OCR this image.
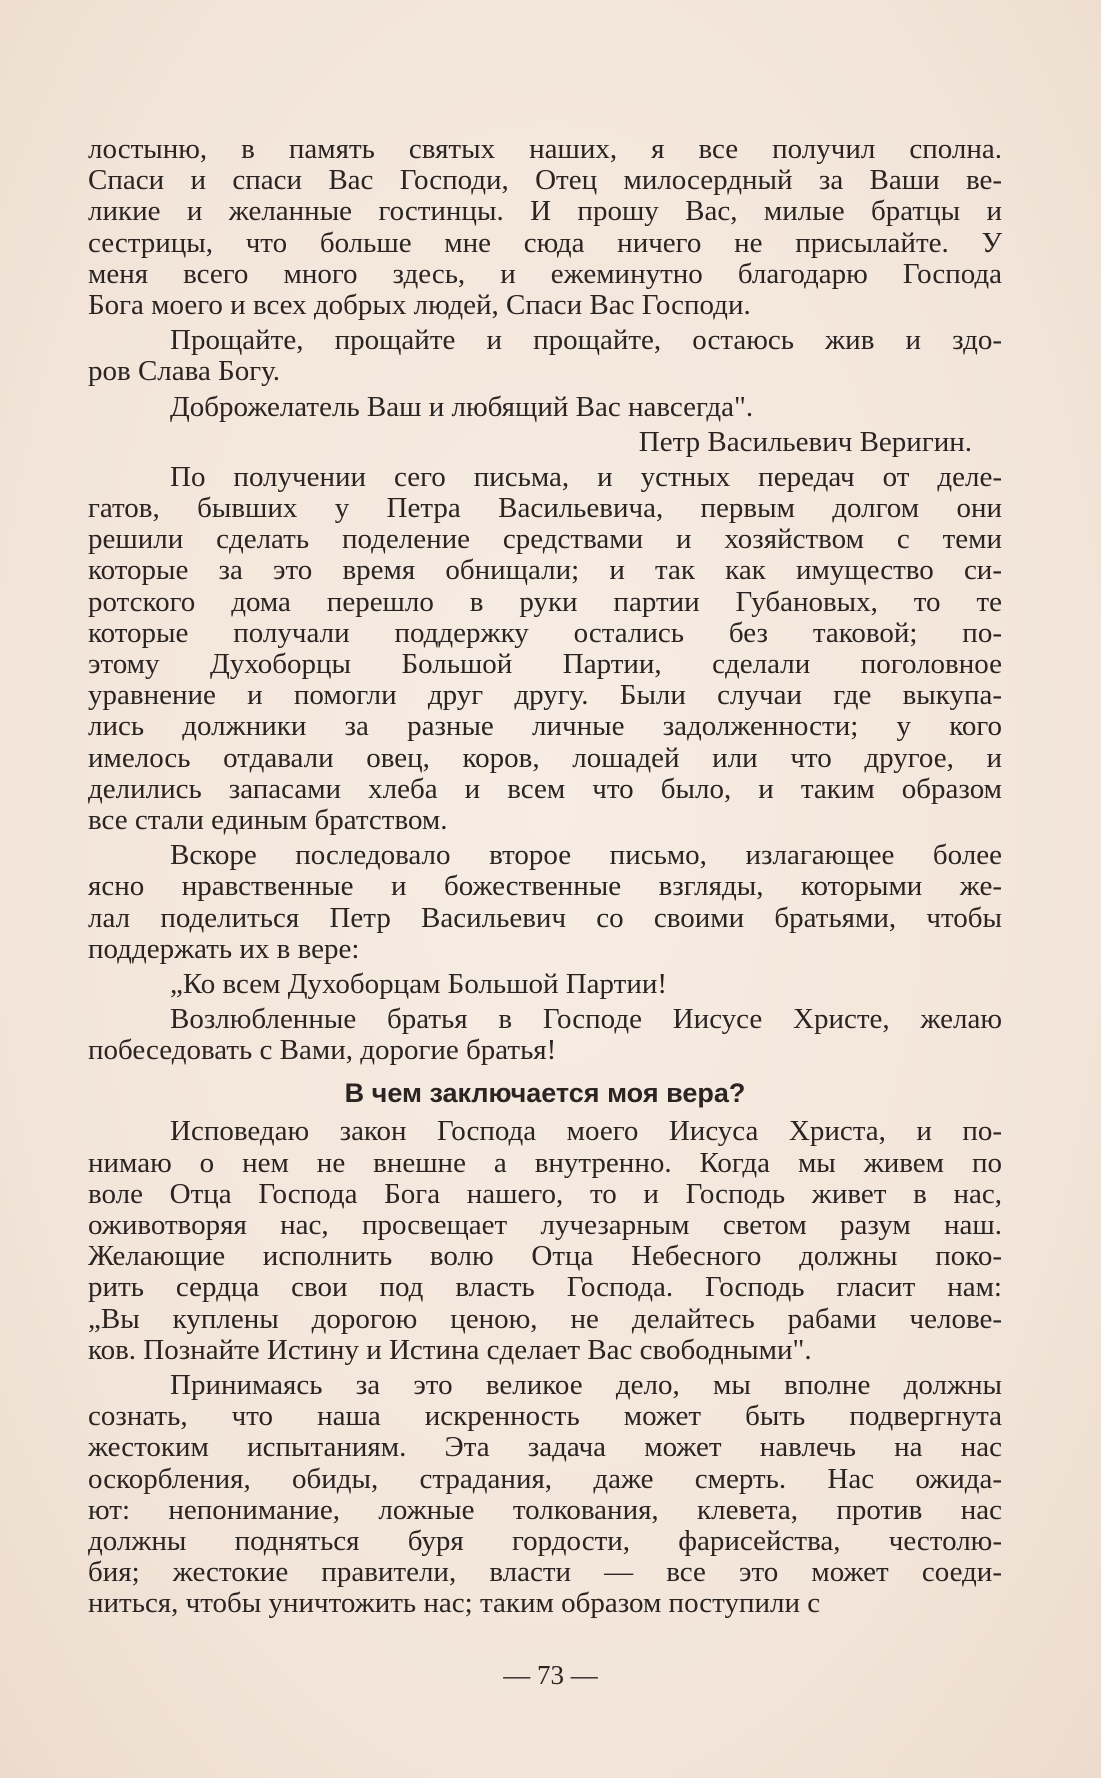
лостыню, в память святых наших, я все получил сполна.
Спаси и спаси Вас Господи, Отец милосердный за Ваши ве-
ликие и желанные гостинцы. И прошу Вас, милые братцы и
сестрицы, что больше мне сюда ничего не присылайте. У
меня всего много здесь, и ежеминутно благодарю Господа
Бога моего и всех добрых людей, Спаси Вас Господи.
Прощайте, прощайте и прощайте, остаюсь жив и здо-
ров Слава Богу.
Доброжелатель Ваш и любящий Вас навсегда".
Петр Васильевич Веригин.
По получении сего письма, и устных передач от деле-
гатов, бывших у Петра Васильевича, первым долгом они
решили сделать поделение средствами и хозяйством с теми
которые за это время обнищали; и так как имущество си-
ротского дома перешло в руки партии Губановых, то те
которые получали поддержку остались без таковой; по-
этому Духоборцы Большой Партии, сделали поголовное
уравнение и помогли друг другу. Были случаи где выкупа-
лись должники за разные личные задолженности; у кого
имелось отдавали овец, коров, лошадей или что другое, и
делились запасами хлеба и всем что было, и таким образом
все стали единым братством.
Вскоре последовало второе письмо, излагающее более
ясно нравственные и божественные взгляды, которыми же-
лал поделиться Петр Васильевич со своими братьями, чтобы
поддержать их в вере:
„Ко всем Духоборцам Большой Партии!
Возлюбленные братья в Господе Иисусе Христе, желаю
побеседовать с Вами, дорогие братья!
В чем заключается моя вера?
Исповедаю закон Господа моего Иисуса Христа, и по-
нимаю о нем не внешне а внутренно. Когда мы живем по
воле Отца Господа Бога нашего, то и Господь живет в нас,
оживотворяя нас, просвещает лучезарным светом разум наш.
Желающие исполнить волю Отца Небесного должны поко-
рить сердца свои под власть Господа. Господь гласит нам:
„Вы куплены дорогою ценою, не делайтесь рабами челове-
ков. Познайте Истину и Истина сделает Вас свободными".
Принимаясь за это великое дело, мы вполне должны
сознать, что наша искренность может быть подвергнута
жестоким испытаниям. Эта задача может навлечь на нас
оскорбления, обиды, страдания, даже смерть. Нас ожида-
ют: непонимание, ложные толкования, клевета, против нас
должны подняться буря гордости, фарисейства, честолю-
бия; жестокие правители, власти — все это может соеди-
ниться, чтобы уничтожить нас; таким образом поступили с
— 73 —
